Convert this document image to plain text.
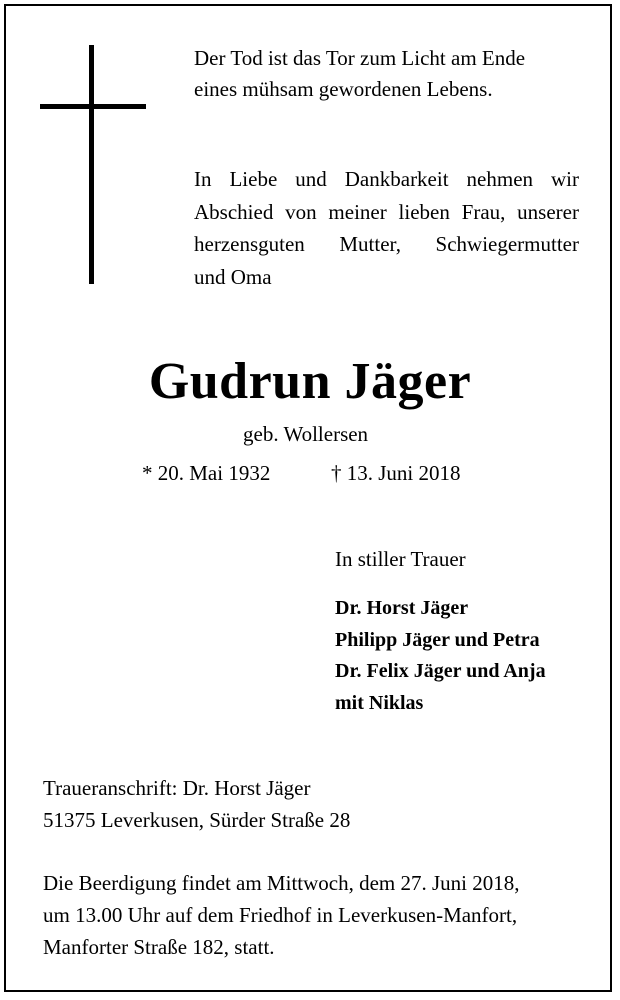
Der Tod ist das Tor zum Licht am Ende
eines mühsam gewordenen Lebens.
In Liebe und Dankbarkeit nehmen wir
Abschied von meiner lieben Frau, unserer
herzensguten Mutter, Schwiegermutter
und Oma
Gudrun Jäger
geb. Wollersen
* 20. Mai 1932	† 13. Juni 2018
In stiller Trauer
Dr. Horst Jäger
Philipp Jäger und Petra
Dr. Felix Jäger und Anja
mit Niklas
Traueranschrift: Dr. Horst Jäger
51375 Leverkusen, Sürder Straße 28
Die Beerdigung findet am Mittwoch, dem 27. Juni 2018,
um 13.00 Uhr auf dem Friedhof in Leverkusen-Manfort,
Manforter Straße 182, statt.
